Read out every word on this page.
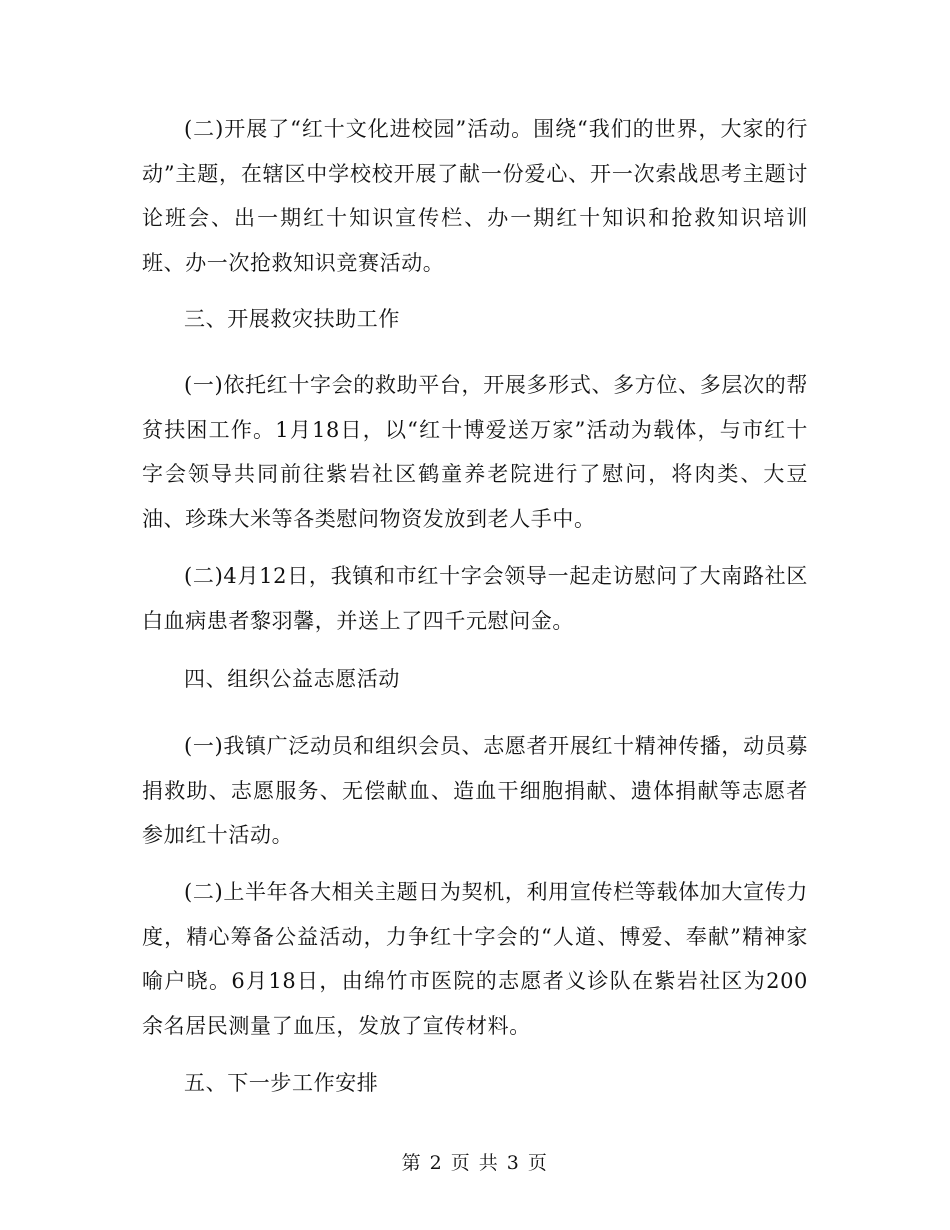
(二)开展了“红十文化进校园”活动。围绕“我们的世界，大家的行动”主题，在辖区中学校校开展了献一份爱心、开一次索战思考主题讨论班会、出一期红十知识宣传栏、办一期红十知识和抢救知识培训班、办一次抢救知识竞赛活动。

三、开展救灾扶助工作

(一)依托红十字会的救助平台，开展多形式、多方位、多层次的帮贫扶困工作。1月18日，以“红十博爱送万家”活动为载体，与市红十字会领导共同前往紫岩社区鹤童养老院进行了慰问，将肉类、大豆油、珍珠大米等各类慰问物资发放到老人手中。

(二)4月12日，我镇和市红十字会领导一起走访慰问了大南路社区白血病患者黎羽馨，并送上了四千元慰问金。

四、组织公益志愿活动

(一)我镇广泛动员和组织会员、志愿者开展红十精神传播，动员募捐救助、志愿服务、无偿献血、造血干细胞捐献、遗体捐献等志愿者参加红十活动。

(二)上半年各大相关主题日为契机，利用宣传栏等载体加大宣传力度，精心筹备公益活动，力争红十字会的“人道、博爱、奉献”精神家喻户晓。6月18日，由绵竹市医院的志愿者义诊队在紫岩社区为200余名居民测量了血压，发放了宣传材料。

五、下一步工作安排

第 2 页 共 3 页
